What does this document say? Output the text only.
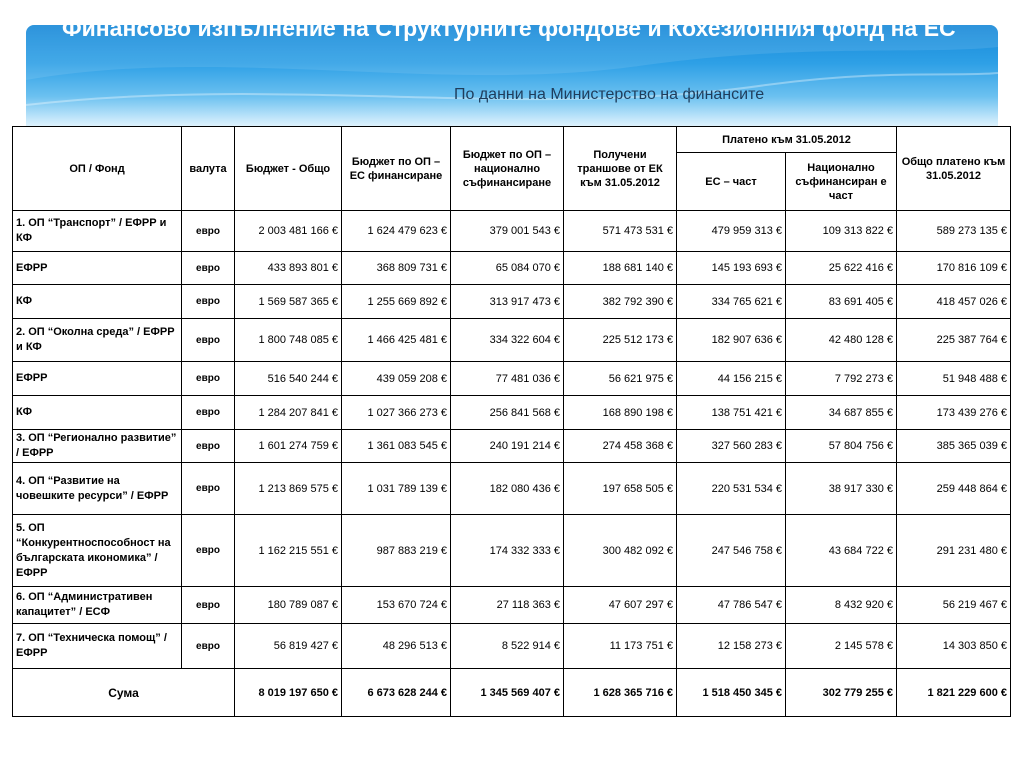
Финансово изпълнение на Структурните фондове и Кохезионния фонд на ЕС
По данни на Министерство на финансите
ОП / Фонд	валута	Бюджет - Общо	Бюджет по ОП – ЕС финансиране	Бюджет по ОП – национално съфинансиране	Получени траншове от ЕК към 31.05.2012	Платено към 31.05.2012		Общо платено към 31.05.2012
						ЕС – част	Национално съфинансиран е част	
1. ОП “Транспорт” / ЕФРР и КФ	евро	2 003 481 166 €	1 624 479 623 €	379 001 543 €	571 473 531 €	479 959 313 €	109 313 822 €	589 273 135 €
ЕФРР	евро	433 893 801 €	368 809 731 €	65 084 070 €	188 681 140 €	145 193 693 €	25 622 416 €	170 816 109 €
КФ	евро	1 569 587 365 €	1 255 669 892 €	313 917 473 €	382 792 390 €	334 765 621 €	83 691 405 €	418 457 026 €
2. ОП “Околна среда” / ЕФРР и КФ	евро	1 800 748 085 €	1 466 425 481 €	334 322 604 €	225 512 173 €	182 907 636 €	42 480 128 €	225 387 764 €
ЕФРР	евро	516 540 244 €	439 059 208 €	77 481 036 €	56 621 975 €	44 156 215 €	7 792 273 €	51 948 488 €
КФ	евро	1 284 207 841 €	1 027 366 273 €	256 841 568 €	168 890 198 €	138 751 421 €	34 687 855 €	173 439 276 €
3. ОП “Регионално развитие” / ЕФРР	евро	1 601 274 759 €	1 361 083 545 €	240 191 214 €	274 458 368 €	327 560 283 €	57 804 756 €	385 365 039 €
4. ОП “Развитие на човешките ресурси” / ЕФРР	евро	1 213 869 575 €	1 031 789 139 €	182 080 436 €	197 658 505 €	220 531 534 €	38 917 330 €	259 448 864 €
5. ОП “Конкурентноспособност на българската икономика” / ЕФРР	евро	1 162 215 551 €	987 883 219 €	174 332 333 €	300 482 092 €	247 546 758 €	43 684 722 €	291 231 480 €
6. ОП “Административен капацитет” / ЕСФ	евро	180 789 087 €	153 670 724 €	27 118 363 €	47 607 297 €	47 786 547 €	8 432 920 €	56 219 467 €
7. ОП “Техническа помощ” / ЕФРР	евро	56 819 427 €	48 296 513 €	8 522 914 €	11 173 751 €	12 158 273 €	2 145 578 €	14 303 850 €
Сума		8 019 197 650 €	6 673 628 244 €	1 345 569 407 €	1 628 365 716 €	1 518 450 345 €	302 779 255 €	1 821 229 600 €
